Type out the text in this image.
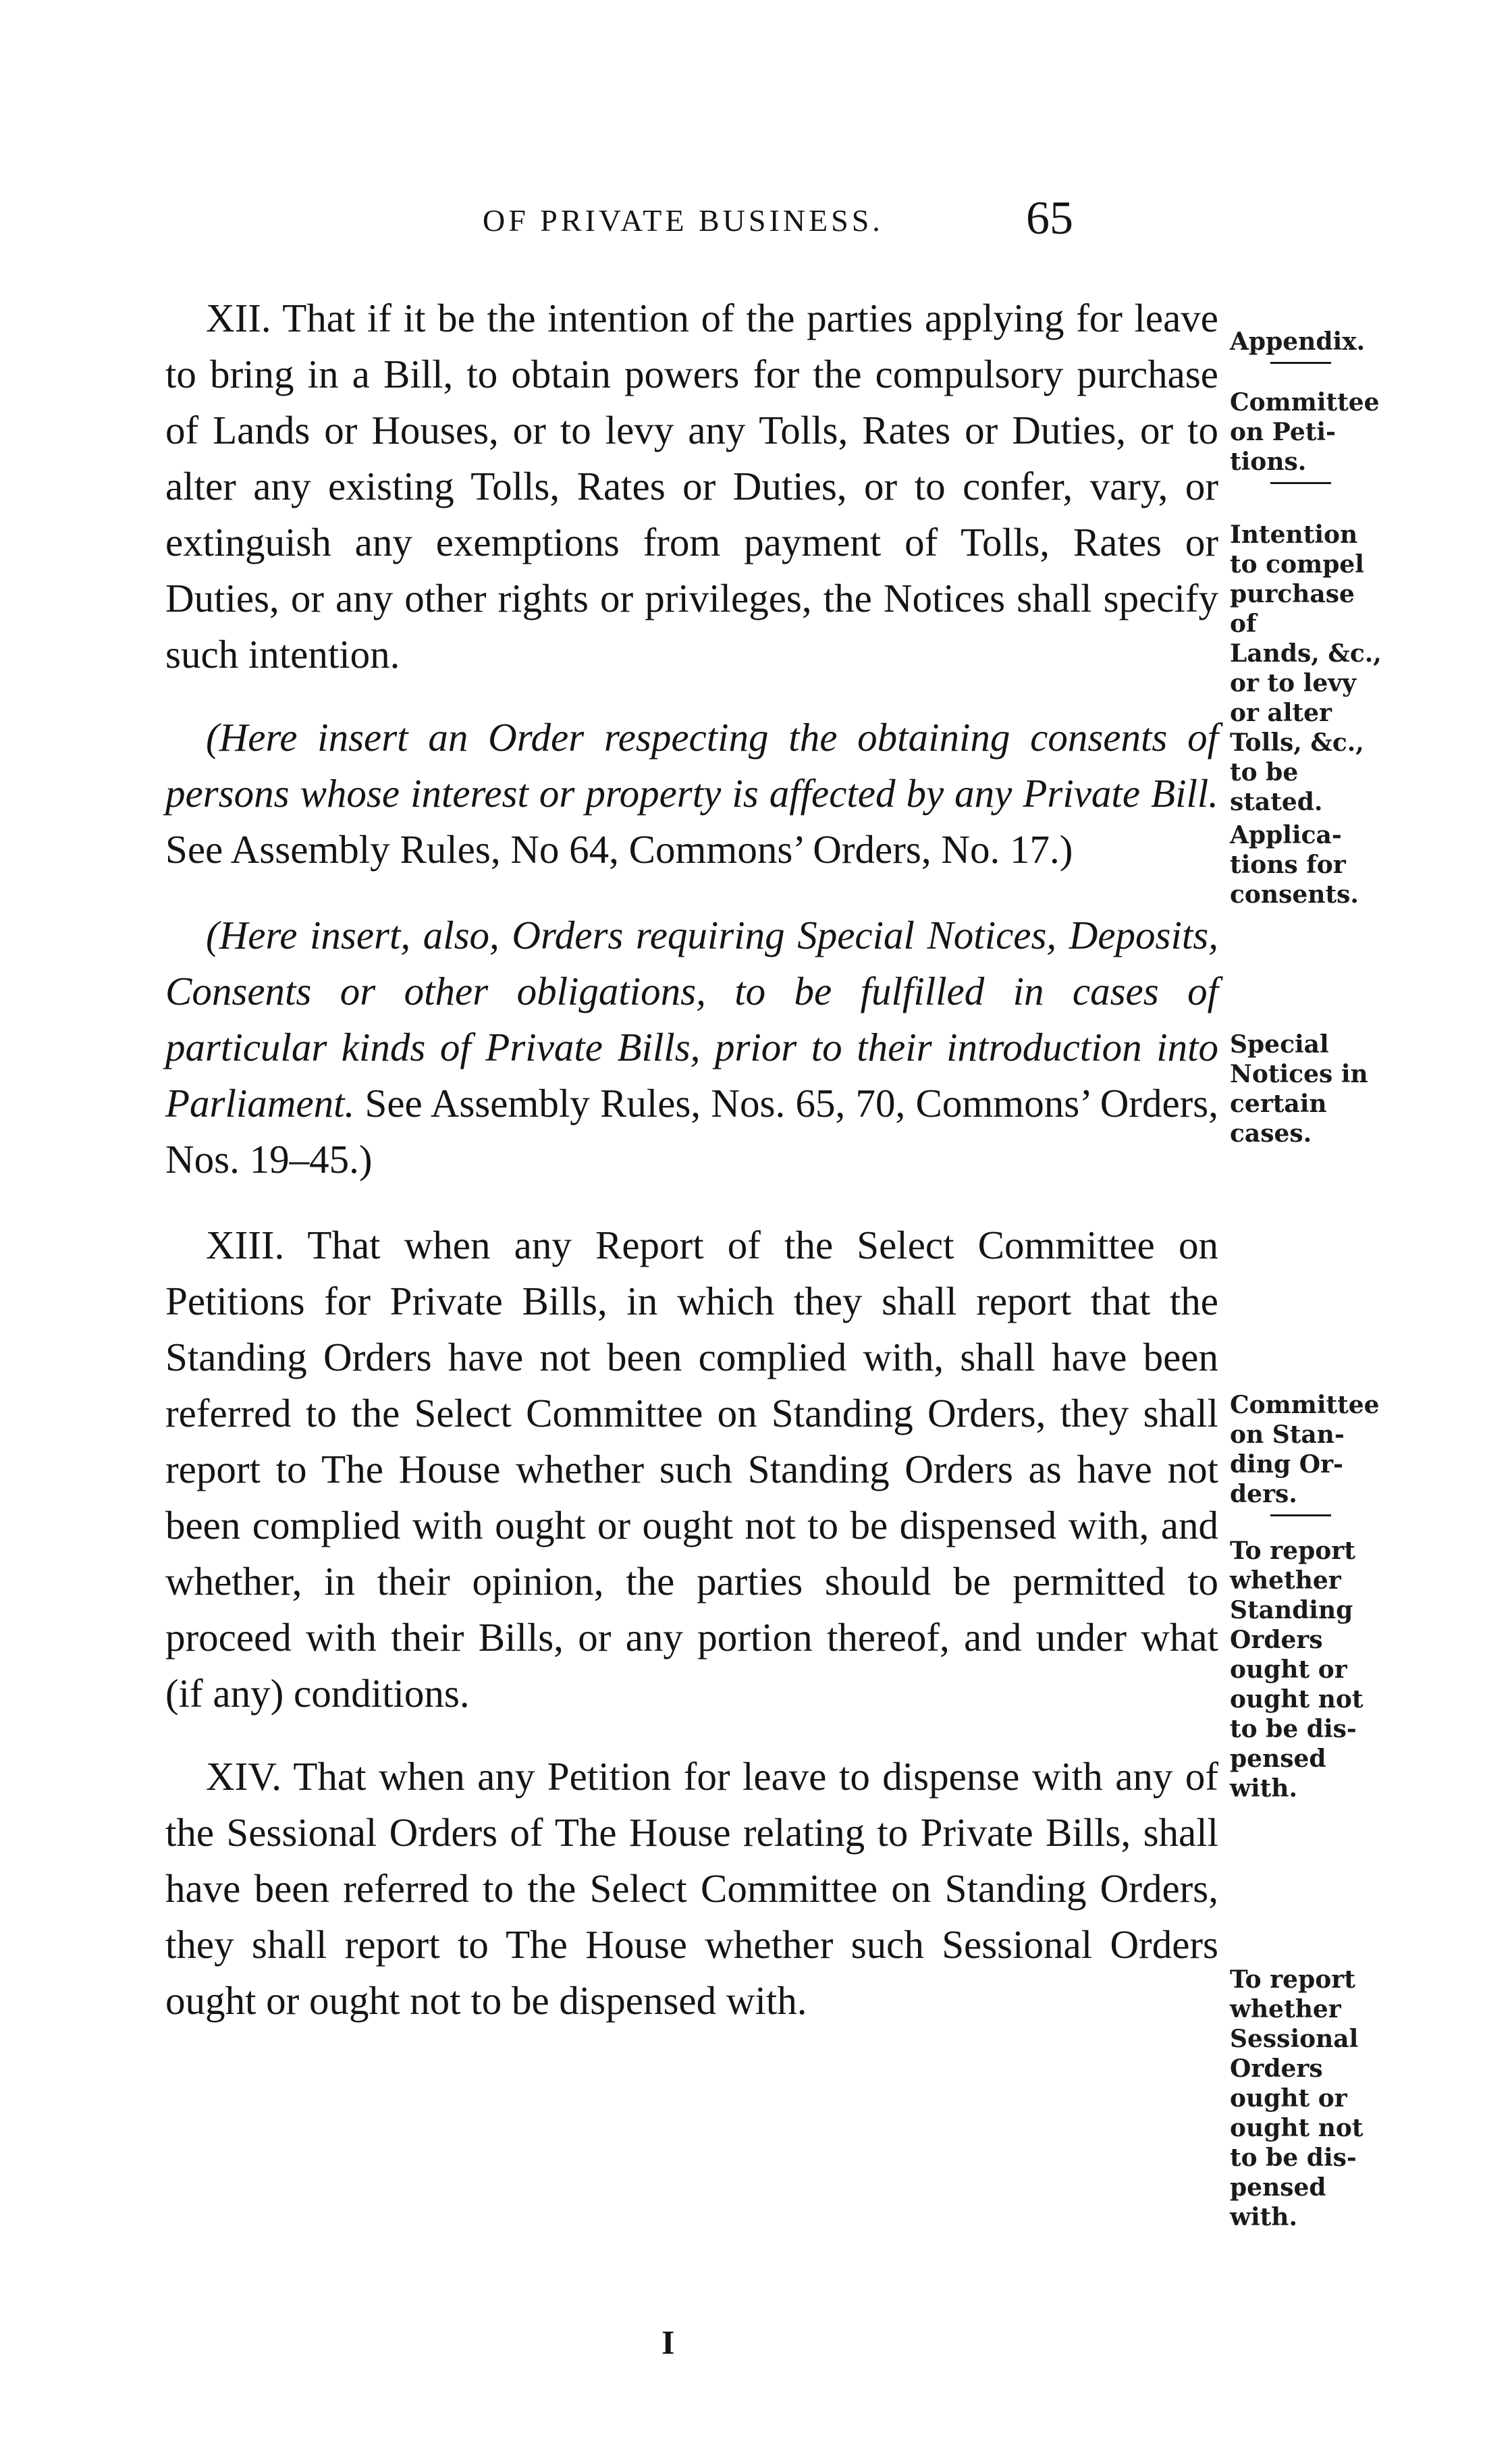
OF PRIVATE BUSINESS.	65

XII. That if it be the intention of the parties applying for leave to bring in a Bill, to obtain powers for the compulsory purchase of Lands or Houses, or to levy any Tolls, Rates or Duties, or to alter any existing Tolls, Rates or Duties, or to confer, vary, or extinguish any exemptions from payment of Tolls, Rates or Duties, or any other rights or privileges, the Notices shall specify such intention.

(Here insert an Order respecting the obtaining consents of persons whose interest or property is affected by any Private Bill. See Assembly Rules, No 64, Commons’ Orders, No. 17.)

(Here insert, also, Orders requiring Special Notices, Deposits, Consents or other obligations, to be fulfilled in cases of particular kinds of Private Bills, prior to their introduction into Parliament. See Assembly Rules, Nos. 65, 70, Commons’ Orders, Nos. 19–45.)

XIII. That when any Report of the Select Committee on Petitions for Private Bills, in which they shall report that the Standing Orders have not been complied with, shall have been referred to the Select Committee on Standing Orders, they shall report to The House whether such Standing Orders as have not been complied with ought or ought not to be dispensed with, and whether, in their opinion, the parties should be permitted to proceed with their Bills, or any portion thereof, and under what (if any) conditions.

XIV. That when any Petition for leave to dispense with any of the Sessional Orders of The House relating to Private Bills, shall have been referred to the Select Committee on Standing Orders, they shall report to The House whether such Sessional Orders ought or ought not to be dispensed with.

Appendix.

Committee
on Peti-
tions.

Intention
to compel
purchase of
Lands, &c.,
or to levy
or alter
Tolls, &c.,
to be stated.
Applica-
tions for
consents.
Special
Notices in
certain
cases.

Committee
on Stan-
ding Or-
ders.

To report
whether
Standing
Orders
ought or
ought not
to be dis-
pensed
with.
To report
whether
Sessional
Orders
ought or
ought not
to be dis-
pensed
with.
I
